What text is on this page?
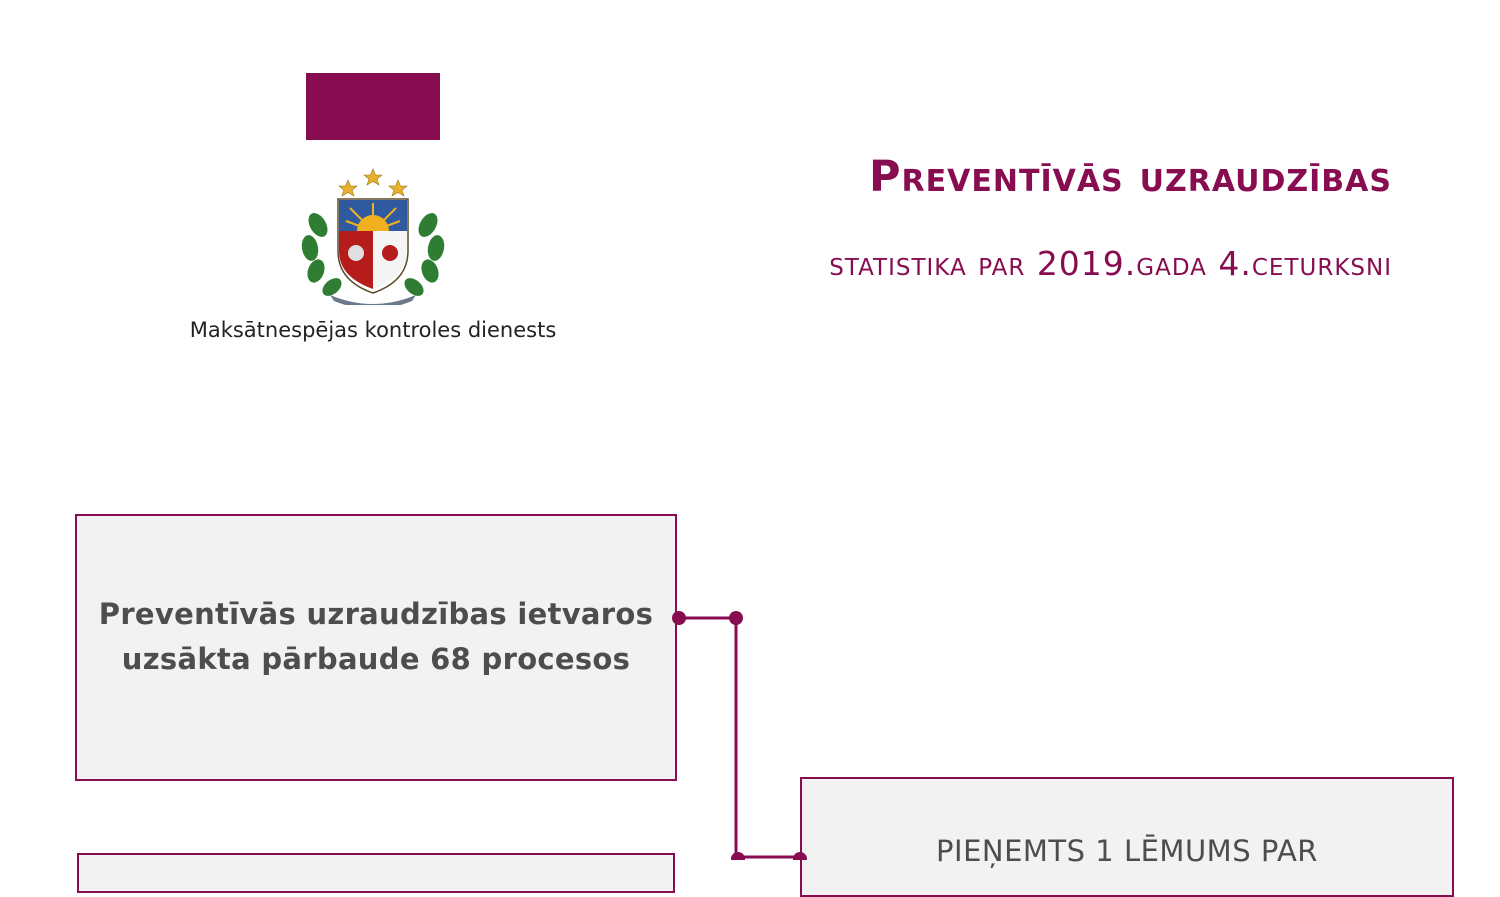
Maksātnespējas kontroles dienests
Preventīvās uzraudzības
statistika par 2019.gada 4.ceturksni
Preventīvās uzraudzības ietvaros uzsākta pārbaude 68 procesos
PIEŅEMTS 1 LĒMUMS PAR
